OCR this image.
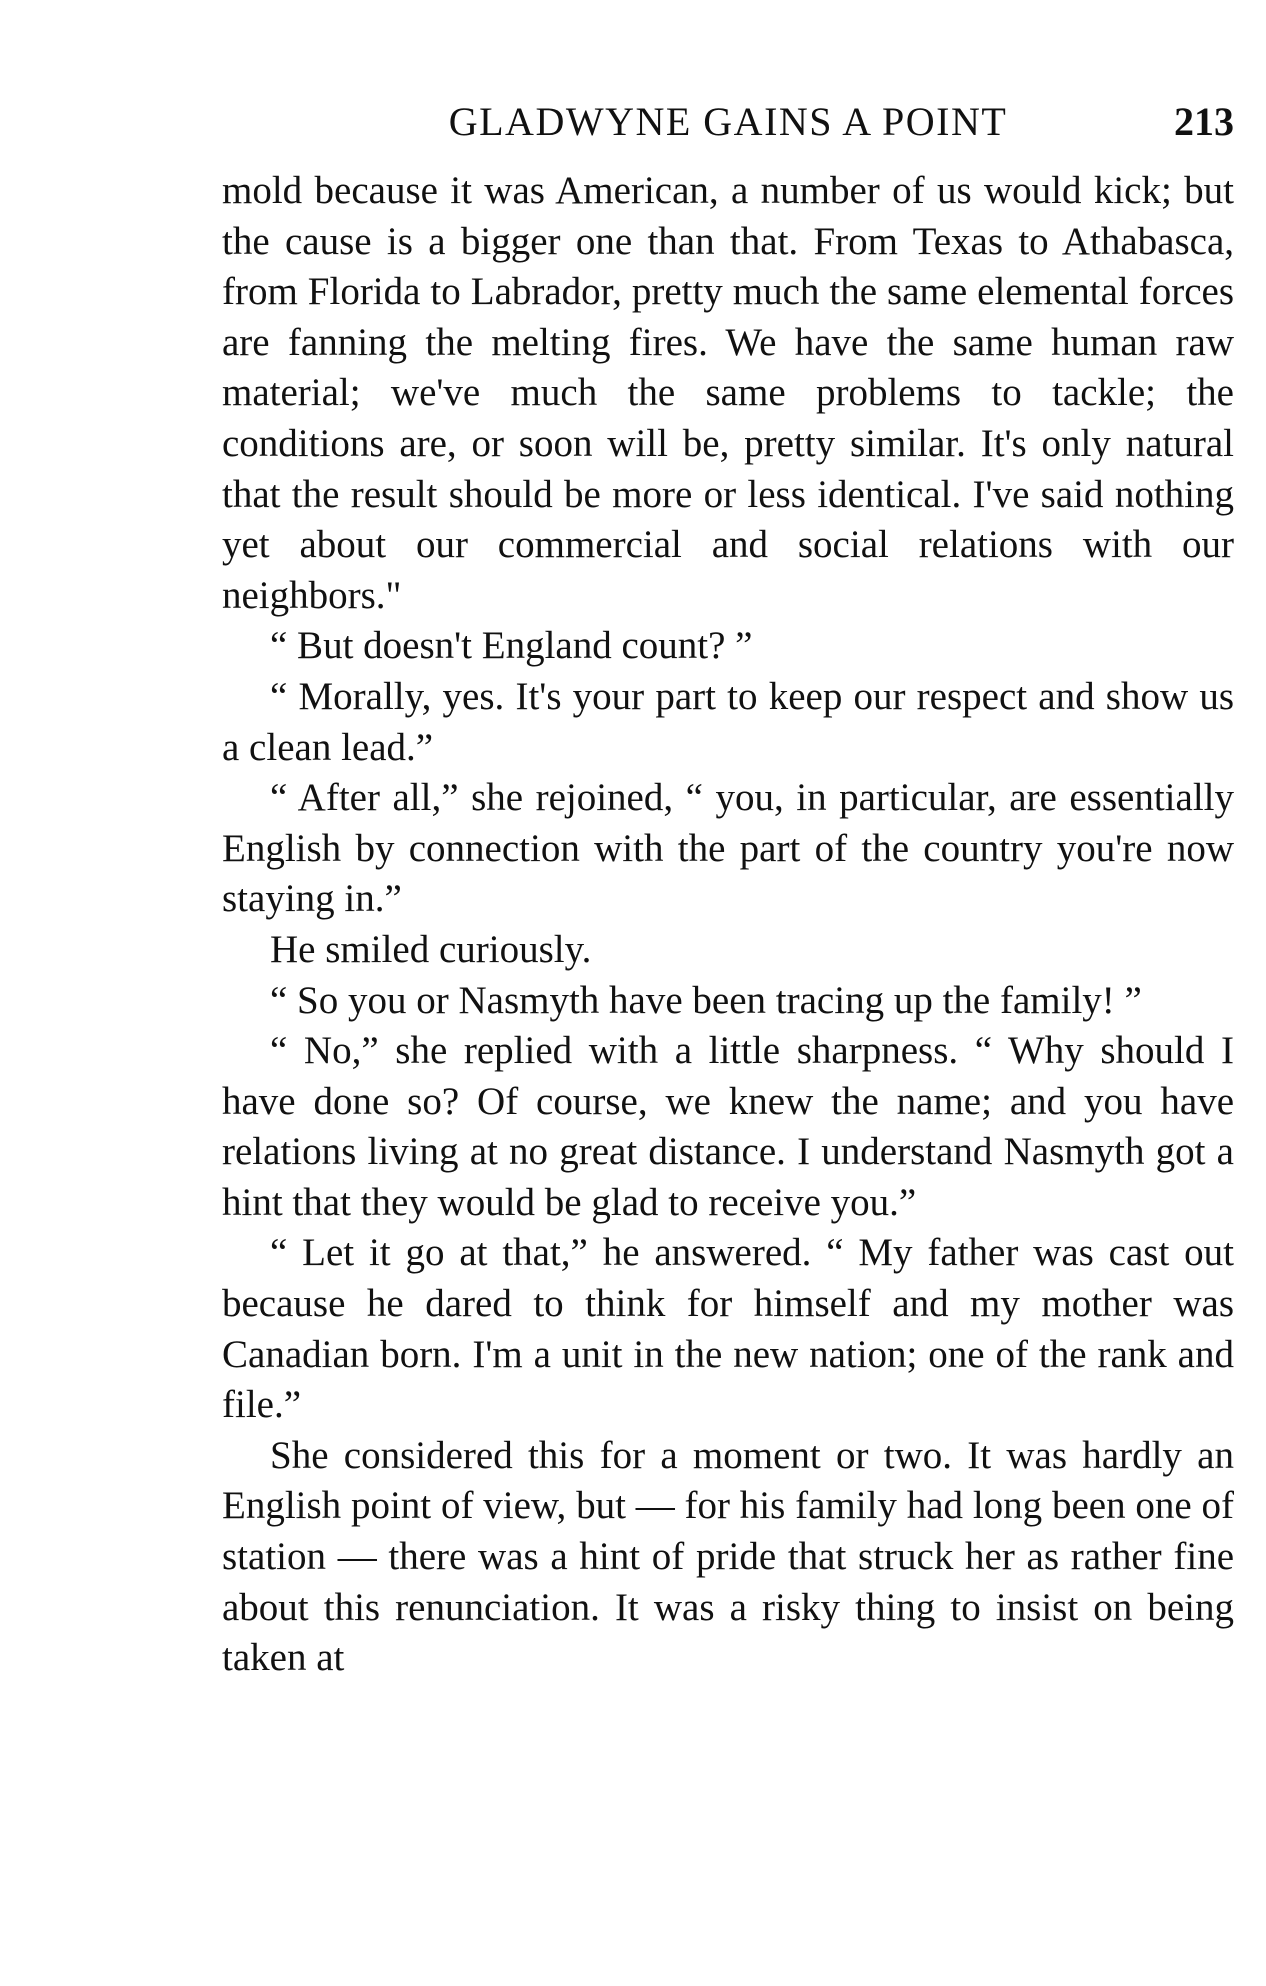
GLADWYNE GAINS A POINT	213

mold because it was American, a number of us would kick; but the cause is a bigger one than that. From Texas to Athabasca, from Florida to Labrador, pretty much the same elemental forces are fanning the melting fires. We have the same human raw material; we've much the same problems to tackle; the conditions are, or soon will be, pretty similar. It's only natural that the result should be more or less identical. I've said nothing yet about our commercial and social relations with our neighbors."

“ But doesn't England count? ”

“ Morally, yes. It's your part to keep our respect and show us a clean lead.”

“ After all,” she rejoined, “ you, in particular, are essentially English by connection with the part of the country you're now staying in.”

He smiled curiously.

“ So you or Nasmyth have been tracing up the family! ”

“ No,” she replied with a little sharpness. “ Why should I have done so? Of course, we knew the name; and you have relations living at no great distance. I understand Nasmyth got a hint that they would be glad to receive you.”

“ Let it go at that,” he answered. “ My father was cast out because he dared to think for himself and my mother was Canadian born. I'm a unit in the new nation; one of the rank and file.”

She considered this for a moment or two. It was hardly an English point of view, but — for his family had long been one of station — there was a hint of pride that struck her as rather fine about this renunciation. It was a risky thing to insist on being taken at
